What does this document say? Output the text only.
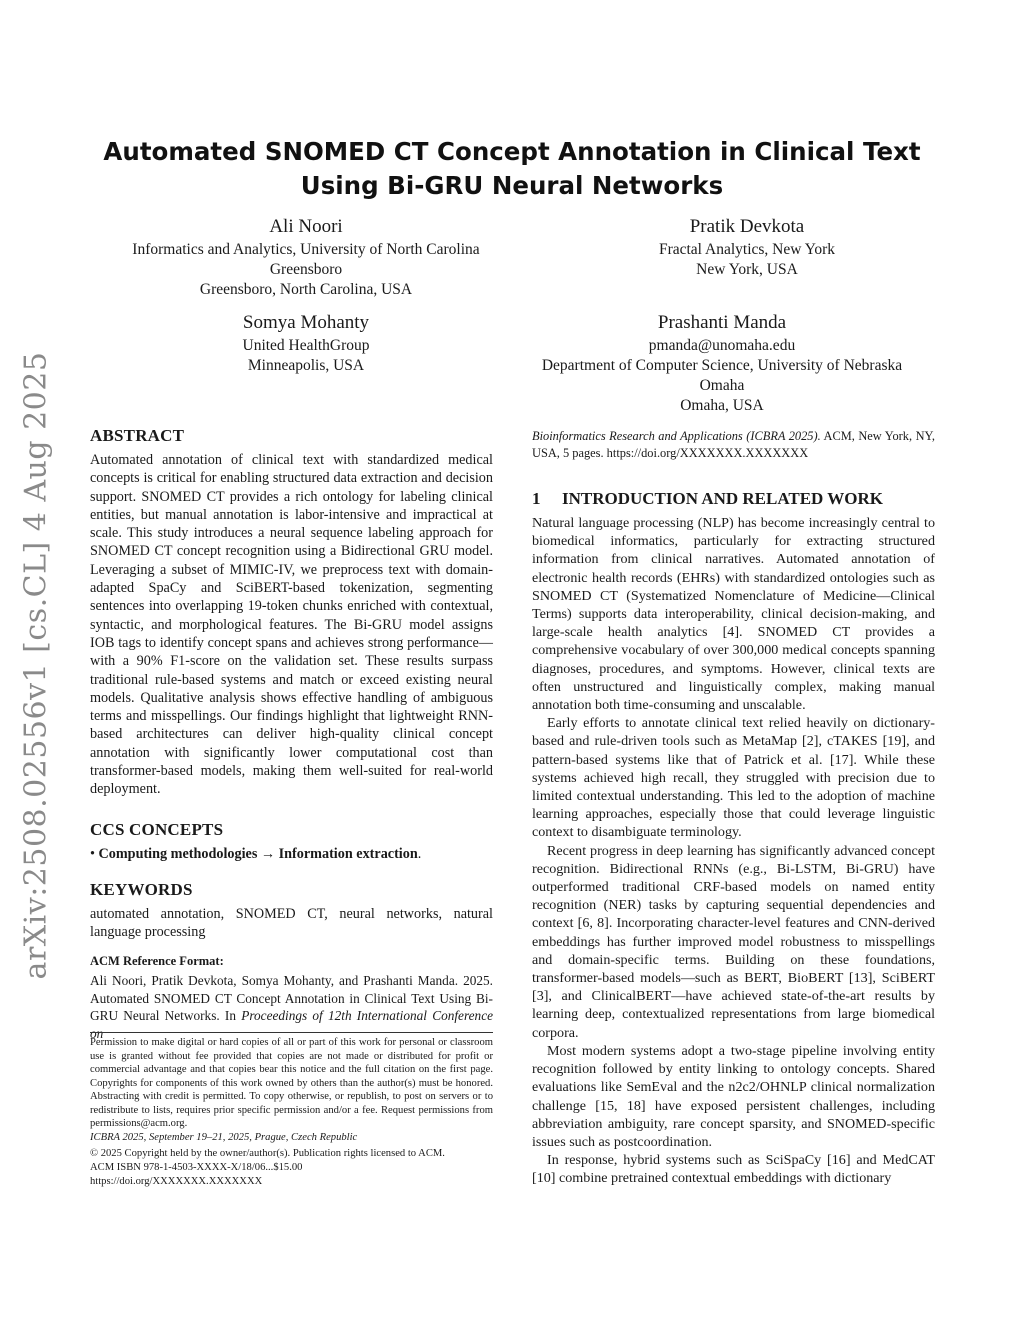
arXiv:2508.02556v1 [cs.CL] 4 Aug 2025
Automated SNOMED CT Concept Annotation in Clinical Text Using Bi-GRU Neural Networks
Ali Noori
Informatics and Analytics, University of North Carolina
Greensboro
Greensboro, North Carolina, USA
Pratik Devkota
Fractal Analytics, New York
New York, USA
Somya Mohanty
United HealthGroup
Minneapolis, USA
Prashanti Manda
pmanda@unomaha.edu
Department of Computer Science, University of Nebraska
Omaha
Omaha, USA
ABSTRACT

Automated annotation of clinical text with standardized medical concepts is critical for enabling structured data extraction and decision support. SNOMED CT provides a rich ontology for labeling clinical entities, but manual annotation is labor-intensive and impractical at scale. This study introduces a neural sequence labeling approach for SNOMED CT concept recognition using a Bidirectional GRU model. Leveraging a subset of MIMIC-IV, we preprocess text with domain-adapted SpaCy and SciBERT-based tokenization, segmenting sentences into overlapping 19-token chunks enriched with contextual, syntactic, and morphological features. The Bi-GRU model assigns IOB tags to identify concept spans and achieves strong performance—with a 90% F1-score on the validation set. These results surpass traditional rule-based systems and match or exceed existing neural models. Qualitative analysis shows effective handling of ambiguous terms and misspellings. Our findings highlight that lightweight RNN-based architectures can deliver high-quality clinical concept annotation with significantly lower computational cost than transformer-based models, making them well-suited for real-world deployment.

CCS CONCEPTS

• Computing methodologies → Information extraction.

KEYWORDS

automated annotation, SNOMED CT, neural networks, natural language processing

ACM Reference Format:

Ali Noori, Pratik Devkota, Somya Mohanty, and Prashanti Manda. 2025. Automated SNOMED CT Concept Annotation in Clinical Text Using Bi-GRU Neural Networks. In Proceedings of 12th International Conference on

Permission to make digital or hard copies of all or part of this work for personal or classroom use is granted without fee provided that copies are not made or distributed for profit or commercial advantage and that copies bear this notice and the full citation on the first page. Copyrights for components of this work owned by others than the author(s) must be honored. Abstracting with credit is permitted. To copy otherwise, or republish, to post on servers or to redistribute to lists, requires prior specific permission and/or a fee. Request permissions from permissions@acm.org.

ICBRA 2025, September 19–21, 2025, Prague, Czech Republic

© 2025 Copyright held by the owner/author(s). Publication rights licensed to ACM.

ACM ISBN 978-1-4503-XXXX-X/18/06...$15.00

https://doi.org/XXXXXXX.XXXXXXX

Bioinformatics Research and Applications (ICBRA 2025). ACM, New York, NY, USA, 5 pages. https://doi.org/XXXXXXX.XXXXXXX

1 INTRODUCTION AND RELATED WORK

Natural language processing (NLP) has become increasingly central to biomedical informatics, particularly for extracting structured information from clinical narratives. Automated annotation of electronic health records (EHRs) with standardized ontologies such as SNOMED CT (Systematized Nomenclature of Medicine—Clinical Terms) supports data interoperability, clinical decision-making, and large-scale health analytics [4]. SNOMED CT provides a comprehensive vocabulary of over 300,000 medical concepts spanning diagnoses, procedures, and symptoms. However, clinical texts are often unstructured and linguistically complex, making manual annotation both time-consuming and unscalable.

Early efforts to annotate clinical text relied heavily on dictionary-based and rule-driven tools such as MetaMap [2], cTAKES [19], and pattern-based systems like that of Patrick et al. [17]. While these systems achieved high recall, they struggled with precision due to limited contextual understanding. This led to the adoption of machine learning approaches, especially those that could leverage linguistic context to disambiguate terminology.

Recent progress in deep learning has significantly advanced concept recognition. Bidirectional RNNs (e.g., Bi-LSTM, Bi-GRU) have outperformed traditional CRF-based models on named entity recognition (NER) tasks by capturing sequential dependencies and context [6, 8]. Incorporating character-level features and CNN-derived embeddings has further improved model robustness to misspellings and domain-specific terms. Building on these foundations, transformer-based models—such as BERT, BioBERT [13], SciBERT [3], and ClinicalBERT—have achieved state-of-the-art results by learning deep, contextualized representations from large biomedical corpora.

Most modern systems adopt a two-stage pipeline involving entity recognition followed by entity linking to ontology concepts. Shared evaluations like SemEval and the n2c2/OHNLP clinical normalization challenge [15, 18] have exposed persistent challenges, including abbreviation ambiguity, rare concept sparsity, and SNOMED-specific issues such as postcoordination.

In response, hybrid systems such as SciSpaCy [16] and MedCAT [10] combine pretrained contextual embeddings with dictionary
